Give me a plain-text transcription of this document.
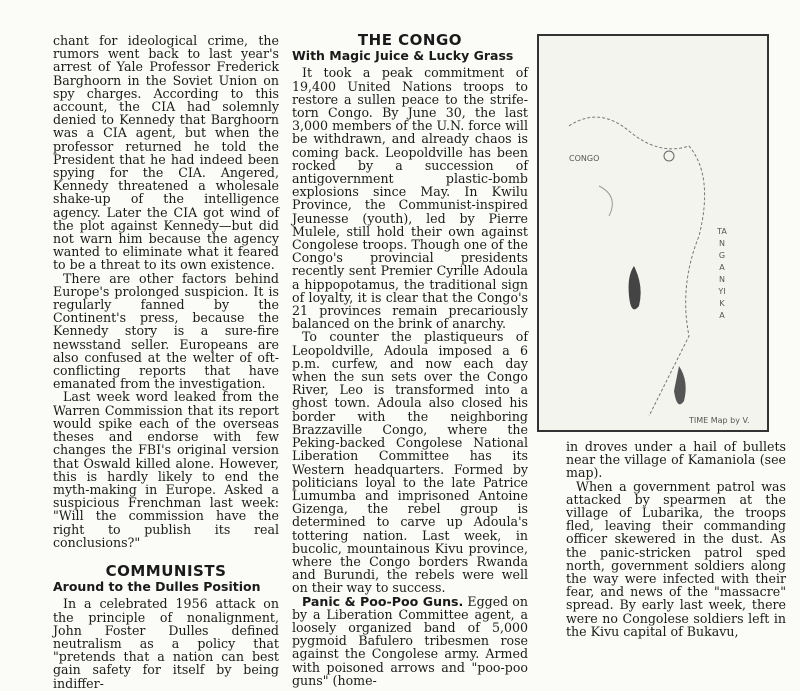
chant for ideological crime, the rumors went back to last year's arrest of Yale Professor Frederick Barghoorn in the Soviet Union on spy charges. According to this account, the CIA had solemnly denied to Kennedy that Barghoorn was a CIA agent, but when the professor returned he told the President that he had indeed been spying for the CIA. Angered, Kennedy threatened a wholesale shake-up of the intelligence agency. Later the CIA got wind of the plot against Kennedy—but did not warn him because the agency wanted to eliminate what it feared to be a threat to its own existence.

There are other factors behind Europe's prolonged suspicion. It is regularly fanned by the Continent's press, because the Kennedy story is a sure-fire newsstand seller. Europeans are also confused at the welter of oft-conflicting reports that have emanated from the investigation.

Last week word leaked from the Warren Commission that its report would spike each of the overseas theses and endorse with few changes the FBI's original version that Oswald killed alone. However, this is hardly likely to end the myth-making in Europe. Asked a suspicious Frenchman last week: "Will the commission have the right to publish its real conclusions?"

COMMUNISTS
Around to the Dulles Position

In a celebrated 1956 attack on the principle of nonalignment, John Foster Dulles defined neutralism as a policy that "pretends that a nation can best gain safety for itself by being indiffer-

THE CONGO
With Magic Juice & Lucky Grass

It took a peak commitment of 19,400 United Nations troops to restore a sullen peace to the strife-torn Congo. By June 30, the last 3,000 members of the U.N. force will be withdrawn, and already chaos is coming back. Leopoldville has been rocked by a succession of antigovernment plastic-bomb explosions since May. In Kwilu Province, the Communist-inspired Jeunesse (youth), led by Pierre Mulele, still hold their own against Congolese troops. Though one of the Congo's provincial presidents recently sent Premier Cyrille Adoula a hippopotamus, the traditional sign of loyalty, it is clear that the Congo's 21 provinces remain precariously balanced on the brink of anarchy.

To counter the plastiqueurs of Leopoldville, Adoula imposed a 6 p.m. curfew, and now each day when the sun sets over the Congo River, Leo is transformed into a ghost town. Adoula also closed his border with the neighboring Brazzaville Congo, where the Peking-backed Congolese National Liberation Committee has its Western headquarters. Formed by politicians loyal to the late Patrice Lumumba and imprisoned Antoine Gizenga, the rebel group is determined to carve up Adoula's tottering nation. Last week, in bucolic, mountainous Kivu province, where the Congo borders Rwanda and Burundi, the rebels were well on their way to success.

Panic & Poo-Poo Guns. Egged on by a Liberation Committee agent, a loosely organized band of 5,000 pygmoid Bafulero tribesmen rose against the Congolese army. Armed with poisoned arrows and "poo-poo guns" (home-

CONGO
TANGANYIKA
TIME Map by V.

in droves under a hail of bullets near the village of Kamaniola (see map).

When a government patrol was attacked by spearmen at the village of Lubarika, the troops fled, leaving their commanding officer skewered in the dust. As the panic-stricken patrol sped north, government soldiers along the way were infected with their fear, and news of the "massacre" spread. By early last week, there were no Congolese soldiers left in the Kivu capital of Bukavu,
